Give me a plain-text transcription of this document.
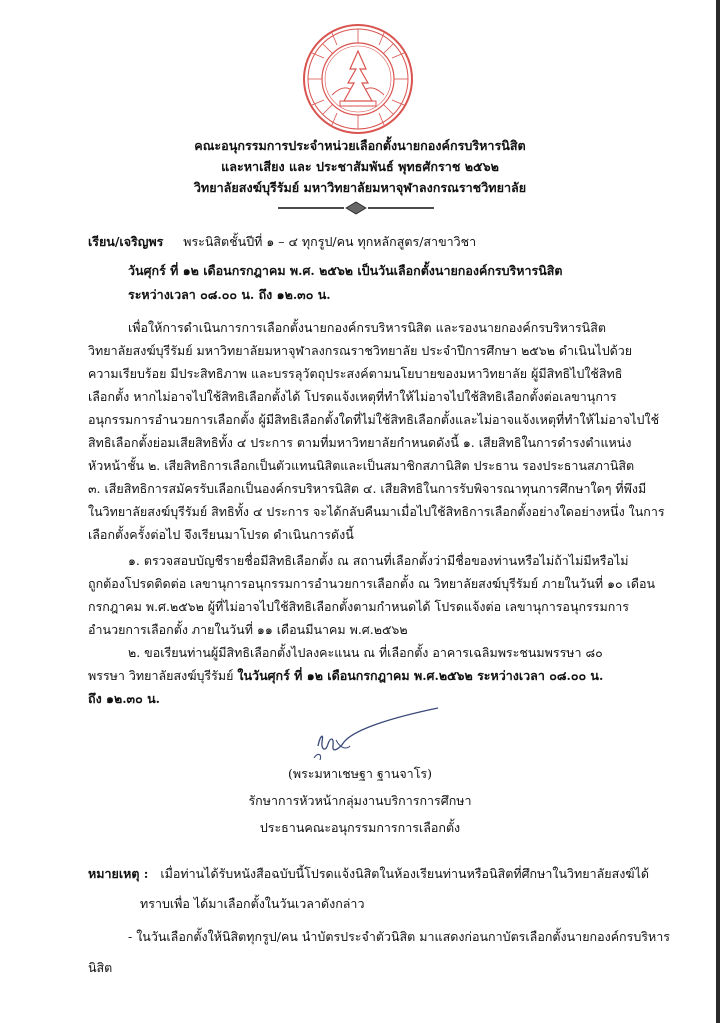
คณะอนุกรรมการประจำหน่วยเลือกตั้งนายกองค์กรบริหารนิสิต
และหาเสียง และ ประชาสัมพันธ์ พุทธศักราช ๒๕๖๒
วิทยาลัยสงฆ์บุรีรัมย์ มหาวิทยาลัยมหาจุฬาลงกรณราชวิทยาลัย
เรียน/เจริญพร พระนิสิตชั้นปีที่ ๑ – ๔ ทุกรูป/คน ทุกหลักสูตร/สาขาวิชา
วันศุกร์ ที่ ๑๒ เดือนกรกฎาคม พ.ศ. ๒๕๖๒ เป็นวันเลือกตั้งนายกองค์กรบริหารนิสิต
ระหว่างเวลา ๐๘.๐๐ น. ถึง ๑๒.๓๐ น.
เพื่อให้การดำเนินการการเลือกตั้งนายกองค์กรบริหารนิสิต และรองนายกองค์กรบริหารนิสิต
วิทยาลัยสงฆ์บุรีรัมย์ มหาวิทยาลัยมหาจุฬาลงกรณราชวิทยาลัย ประจำปีการศึกษา ๒๕๖๒ ดำเนินไปด้วย
ความเรียบร้อย มีประสิทธิภาพ และบรรลุวัตถุประสงค์ตามนโยบายของมหาวิทยาลัย ผู้มีสิทธิไปใช้สิทธิ
เลือกตั้ง หากไม่อาจไปใช้สิทธิเลือกตั้งได้ โปรดแจ้งเหตุที่ทำให้ไม่อาจไปใช้สิทธิเลือกตั้งต่อเลขานุการ
อนุกรรมการอำนวยการเลือกตั้ง ผู้มีสิทธิเลือกตั้งใดที่ไม่ใช้สิทธิเลือกตั้งและไม่อาจแจ้งเหตุที่ทำให้ไม่อาจไปใช้
สิทธิเลือกตั้งย่อมเสียสิทธิทั้ง ๔ ประการ ตามที่มหาวิทยาลัยกำหนดดังนี้ ๑. เสียสิทธิในการดำรงตำแหน่ง
หัวหน้าชั้น ๒. เสียสิทธิการเลือกเป็นตัวแทนนิสิตและเป็นสมาชิกสภานิสิต ประธาน รองประธานสภานิสิต
๓. เสียสิทธิการสมัครรับเลือกเป็นองค์กรบริหารนิสิต ๔. เสียสิทธิในการรับพิจารณาทุนการศึกษาใดๆ ที่พึงมี
ในวิทยาลัยสงฆ์บุรีรัมย์ สิทธิทั้ง ๔ ประการ จะได้กลับคืนมาเมื่อไปใช้สิทธิการเลือกตั้งอย่างใดอย่างหนึ่ง ในการ
เลือกตั้งครั้งต่อไป จึงเรียนมาโปรด ดำเนินการดังนี้
๑. ตรวจสอบบัญชีรายชื่อมีสิทธิเลือกตั้ง ณ สถานที่เลือกตั้งว่ามีชื่อของท่านหรือไม่ถ้าไม่มีหรือไม่
ถูกต้องโปรดติดต่อ เลขานุการอนุกรรมการอำนวยการเลือกตั้ง ณ วิทยาลัยสงฆ์บุรีรัมย์ ภายในวันที่ ๑๐ เดือน
กรกฎาคม พ.ศ.๒๕๖๒ ผู้ที่ไม่อาจไปใช้สิทธิเลือกตั้งตามกำหนดได้ โปรดแจ้งต่อ เลขานุการอนุกรรมการ
อำนวยการเลือกตั้ง ภายในวันที่ ๑๑ เดือนมีนาคม พ.ศ.๒๕๖๒
๒. ขอเรียนท่านผู้มีสิทธิเลือกตั้งไปลงคะแนน ณ ที่เลือกตั้ง อาคารเฉลิมพระชนมพรรษา ๘๐
พรรษา วิทยาลัยสงฆ์บุรีรัมย์ ในวันศุกร์ ที่ ๑๒ เดือนกรกฎาคม พ.ศ.๒๕๖๒ ระหว่างเวลา ๐๘.๐๐ น.
ถึง ๑๒.๓๐ น.
(พระมหาเชษฐา ฐานจาโร)
รักษาการหัวหน้ากลุ่มงานบริการการศึกษา
ประธานคณะอนุกรรมการการเลือกตั้ง
หมายเหตุ : เมื่อท่านได้รับหนังสือฉบับนี้โปรดแจ้งนิสิตในห้องเรียนท่านหรือนิสิตที่ศึกษาในวิทยาลัยสงฆ์ได้
ทราบเพื่อ ได้มาเลือกตั้งในวันเวลาดังกล่าว
- ในวันเลือกตั้งให้นิสิตทุกรูป/คน นำบัตรประจำตัวนิสิต มาแสดงก่อนกาบัตรเลือกตั้งนายกองค์กรบริหาร
นิสิต
